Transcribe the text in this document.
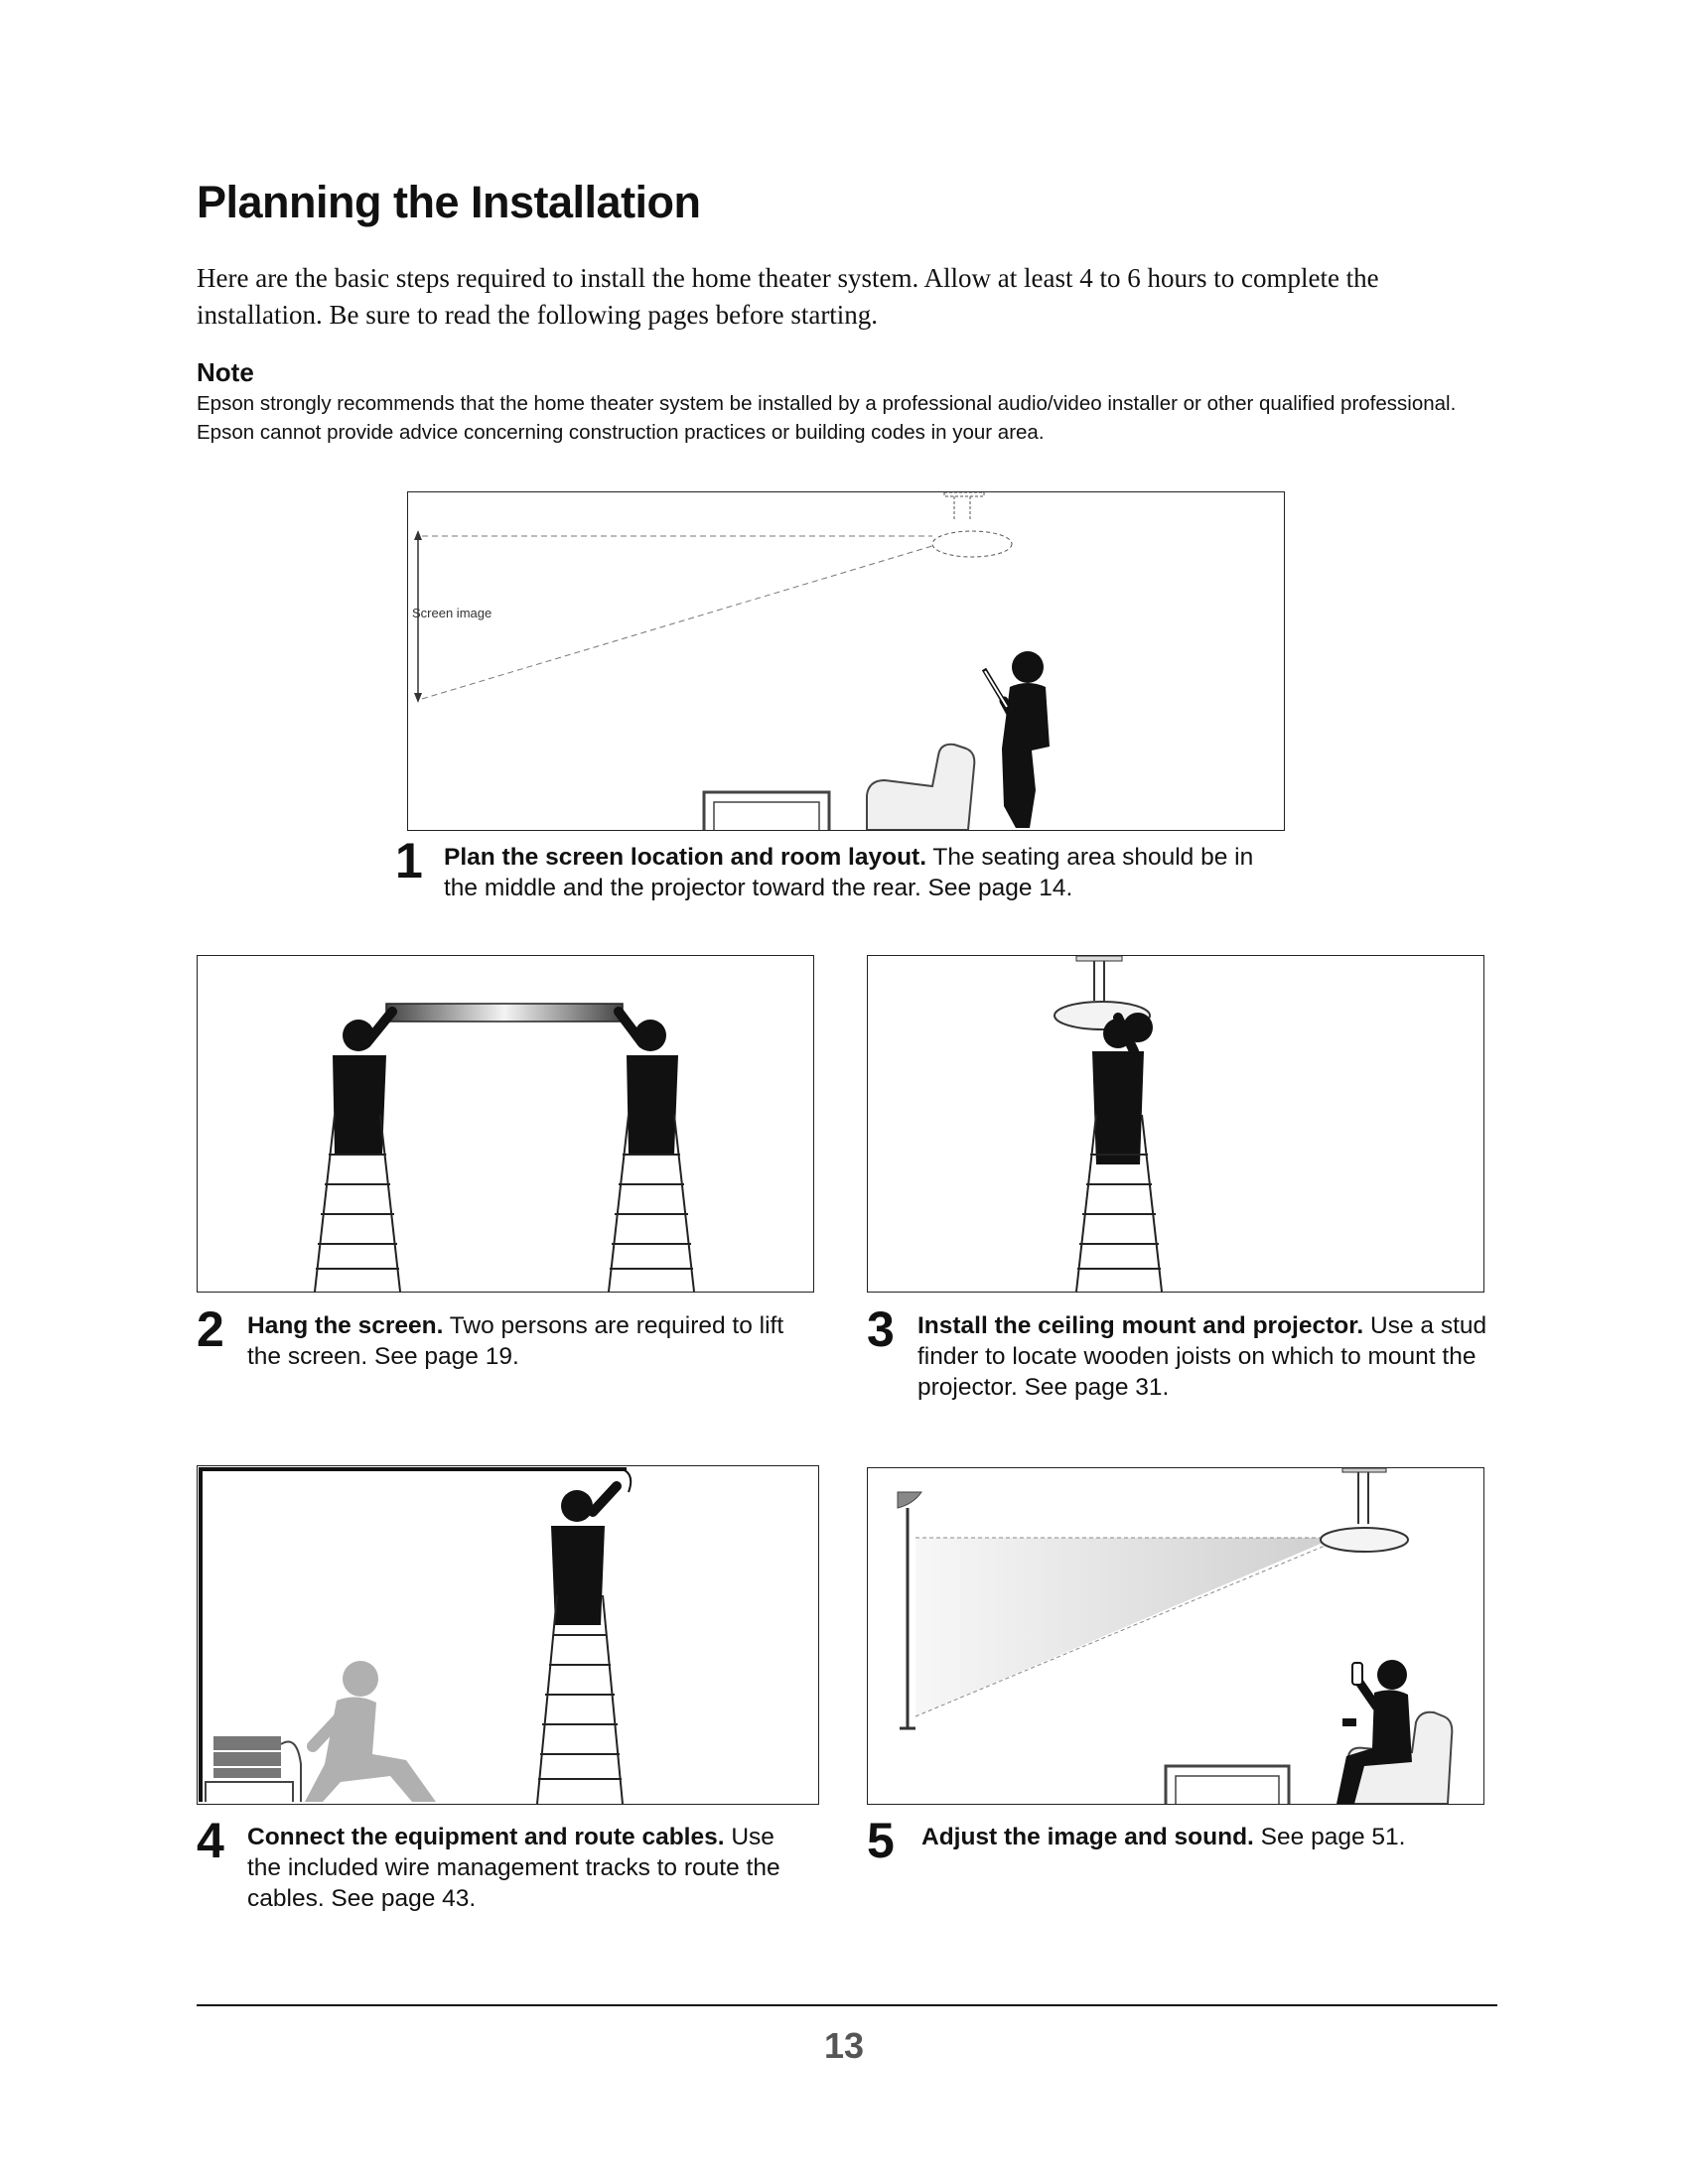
Planning the Installation

Here are the basic steps required to install the home theater system. Allow at least 4 to 6 hours to complete the installation. Be sure to read the following pages before starting.

Note

Epson strongly recommends that the home theater system be installed by a professional audio/video installer or other qualified professional. Epson cannot provide advice concerning construction practices or building codes in your area.

Screen image
1 Plan the screen location and room layout. The seating area should be in the middle and the projector toward the rear. See page 14.
2 Hang the screen. Two persons are required to lift the screen. See page 19.	3 Install the ceiling mount and projector. Use a stud finder to locate wooden joists on which to mount the projector. See page 31.
4 Connect the equipment and route cables. Use the included wire management tracks to route the cables. See page 43.
5 Adjust the image and sound. See page 51.
13
